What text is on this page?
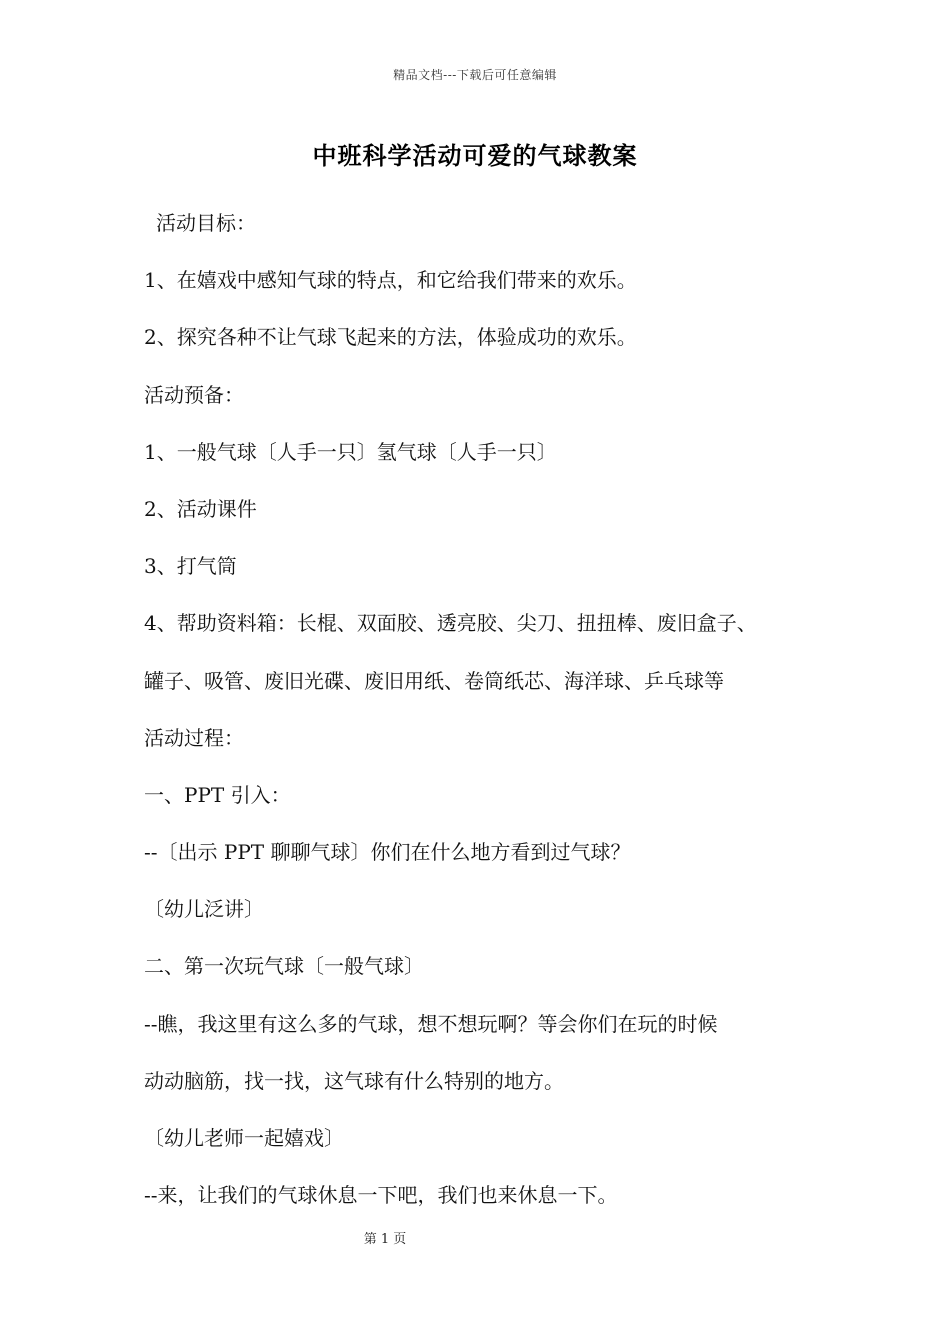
精品文档---下载后可任意编辑
中班科学活动可爱的气球教案
活动目标：
1、在嬉戏中感知气球的特点，和它给我们带来的欢乐。
2、探究各种不让气球飞起来的方法，体验成功的欢乐。
活动预备：
1、一般气球〔人手一只〕氢气球〔人手一只〕
2、活动课件
3、打气筒
4、帮助资料箱：长棍、双面胶、透亮胶、尖刀、扭扭棒、废旧盒子、
罐子、吸管、废旧光碟、废旧用纸、卷筒纸芯、海洋球、乒乓球等
活动过程：
一、PPT 引入：
--〔出示 PPT 聊聊气球〕你们在什么地方看到过气球？
〔幼儿泛讲〕
二、第一次玩气球〔一般气球〕
--瞧，我这里有这么多的气球，想不想玩啊？等会你们在玩的时候
动动脑筋，找一找，这气球有什么特别的地方。
〔幼儿老师一起嬉戏〕
--来，让我们的气球休息一下吧，我们也来休息一下。
第 1 页
